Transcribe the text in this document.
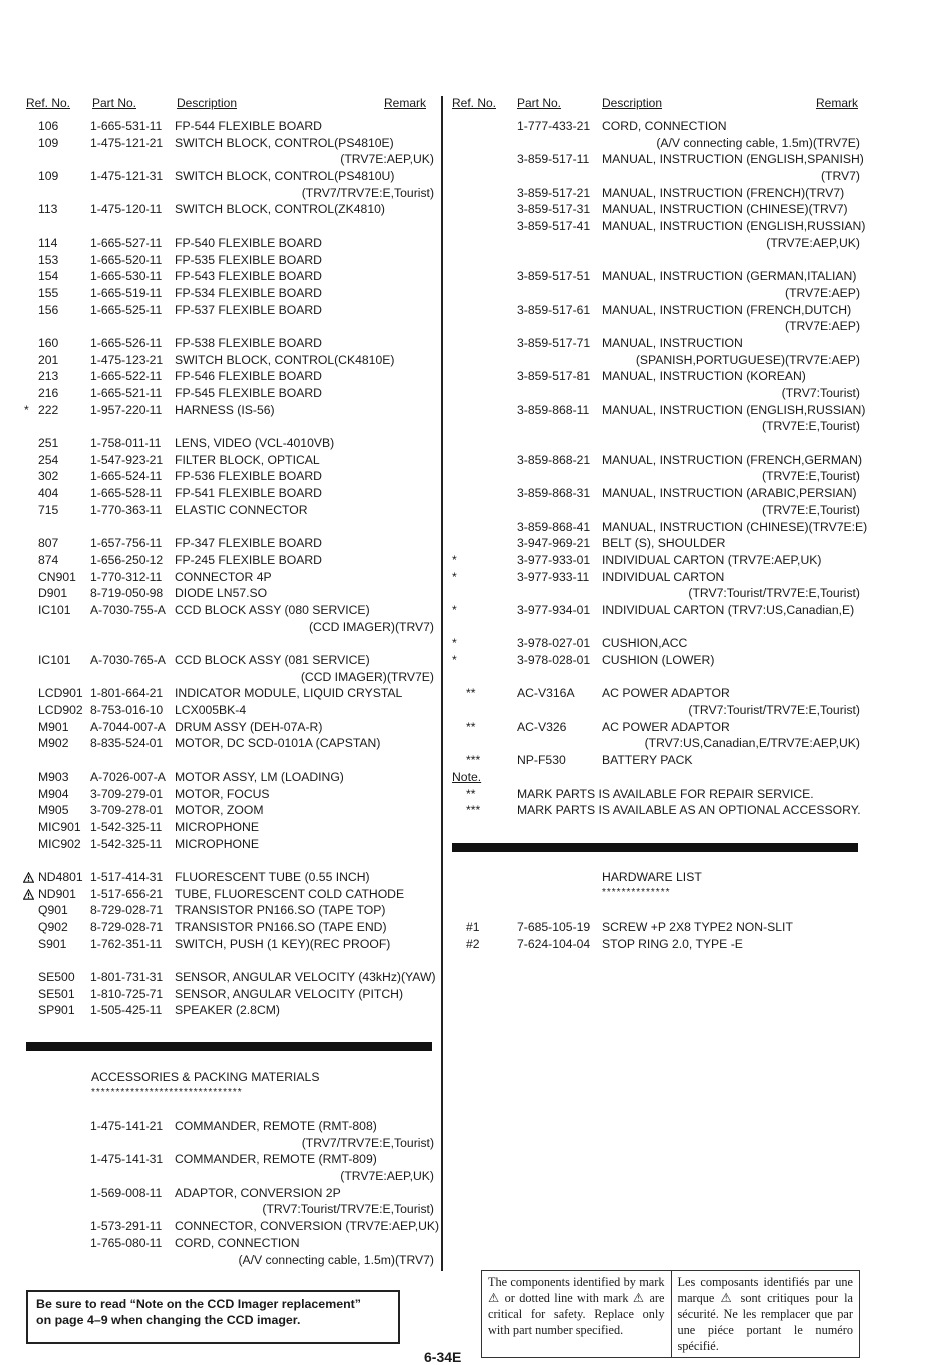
Ref. No. Part No.	Description	Remark
106	1-665-531-11 FP-544 FLEXIBLE BOARD
109	1-475-121-21 SWITCH BLOCK, CONTROL(PS4810E)
(TRV7E:AEP,UK)
109	1-475-121-31 SWITCH BLOCK, CONTROL(PS4810U)
(TRV7/TRV7E:E,Tourist)
113	1-475-120-11 SWITCH BLOCK, CONTROL(ZK4810)
114	1-665-527-11 FP-540 FLEXIBLE BOARD
153	1-665-520-11 FP-535 FLEXIBLE BOARD
154	1-665-530-11 FP-543 FLEXIBLE BOARD
155	1-665-519-11 FP-534 FLEXIBLE BOARD
156	1-665-525-11 FP-537 FLEXIBLE BOARD
160	1-665-526-11 FP-538 FLEXIBLE BOARD
201	1-475-123-21 SWITCH BLOCK, CONTROL(CK4810E)
213	1-665-522-11 FP-546 FLEXIBLE BOARD
216	1-665-521-11 FP-545 FLEXIBLE BOARD
* 222	1-957-220-11 HARNESS (IS-56)
251	1-758-011-11 LENS, VIDEO (VCL-4010VB)
254	1-547-923-21 FILTER BLOCK, OPTICAL
302	1-665-524-11 FP-536 FLEXIBLE BOARD
404	1-665-528-11 FP-541 FLEXIBLE BOARD
715	1-770-363-11 ELASTIC CONNECTOR
807	1-657-756-11 FP-347 FLEXIBLE BOARD
874	1-656-250-12 FP-245 FLEXIBLE BOARD
CN901 1-770-312-11 CONNECTOR 4P
D901 8-719-050-98 DIODE LN57.SO
IC101 A-7030-755-A CCD BLOCK ASSY (080 SERVICE)
(CCD IMAGER)(TRV7)
IC101 A-7030-765-A CCD BLOCK ASSY (081 SERVICE)
(CCD IMAGER)(TRV7E)
LCD901 1-801-664-21 INDICATOR MODULE, LIQUID CRYSTAL
LCD902 8-753-016-10 LCX005BK-4
M901 A-7044-007-A DRUM ASSY (DEH-07A-R)
M902 8-835-524-01 MOTOR, DC SCD-0101A (CAPSTAN)
M903 A-7026-007-A MOTOR ASSY, LM (LOADING)
M904 3-709-279-01 MOTOR, FOCUS
M905 3-709-278-01 MOTOR, ZOOM
MIC901 1-542-325-11 MICROPHONE
MIC902 1-542-325-11 MICROPHONE
ND4801 1-517-414-31 FLUORESCENT TUBE (0.55 INCH)
ND901 1-517-656-21 TUBE, FLUORESCENT COLD CATHODE
Q901 8-729-028-71 TRANSISTOR PN166.SO (TAPE TOP)
Q902 8-729-028-71 TRANSISTOR PN166.SO (TAPE END)
S901 1-762-351-11 SWITCH, PUSH (1 KEY)(REC PROOF)
SE500 1-801-731-31 SENSOR, ANGULAR VELOCITY (43kHz)(YAW)
SE501 1-810-725-71 SENSOR, ANGULAR VELOCITY (PITCH)
SP901 1-505-425-11 SPEAKER (2.8CM)
ACCESSORIES & PACKING MATERIALS
*******************************
1-475-141-21 COMMANDER, REMOTE (RMT-808)
(TRV7/TRV7E:E,Tourist)
1-475-141-31 COMMANDER, REMOTE (RMT-809)
(TRV7E:AEP,UK)
1-569-008-11 ADAPTOR, CONVERSION 2P
(TRV7:Tourist/TRV7E:E,Tourist)
1-573-291-11 CONNECTOR, CONVERSION (TRV7E:AEP,UK)
1-765-080-11 CORD, CONNECTION
(A/V connecting cable, 1.5m)(TRV7)
Ref. No. Part No.	Description	Remark
1-777-433-21 CORD, CONNECTION
(A/V connecting cable, 1.5m)(TRV7E)
3-859-517-11 MANUAL, INSTRUCTION (ENGLISH,SPANISH)
(TRV7)
3-859-517-21 MANUAL, INSTRUCTION (FRENCH)(TRV7)
3-859-517-31 MANUAL, INSTRUCTION (CHINESE)(TRV7)
3-859-517-41 MANUAL, INSTRUCTION (ENGLISH,RUSSIAN)
(TRV7E:AEP,UK)
3-859-517-51 MANUAL, INSTRUCTION (GERMAN,ITALIAN)
(TRV7E:AEP)
3-859-517-61 MANUAL, INSTRUCTION (FRENCH,DUTCH)
(TRV7E:AEP)
3-859-517-71 MANUAL, INSTRUCTION
(SPANISH,PORTUGUESE)(TRV7E:AEP)
3-859-517-81 MANUAL, INSTRUCTION (KOREAN)
(TRV7:Tourist)
3-859-868-11 MANUAL, INSTRUCTION (ENGLISH,RUSSIAN)
(TRV7E:E,Tourist)
3-859-868-21 MANUAL, INSTRUCTION (FRENCH,GERMAN)
(TRV7E:E,Tourist)
3-859-868-31 MANUAL, INSTRUCTION (ARABIC,PERSIAN)
(TRV7E:E,Tourist)
3-859-868-41 MANUAL, INSTRUCTION (CHINESE)(TRV7E:E)
3-947-969-21 BELT (S), SHOULDER
*	3-977-933-01 INDIVIDUAL CARTON (TRV7E:AEP,UK)
*	3-977-933-11 INDIVIDUAL CARTON
(TRV7:Tourist/TRV7E:E,Tourist)
*	3-977-934-01 INDIVIDUAL CARTON (TRV7:US,Canadian,E)
*	3-978-027-01 CUSHION,ACC
*	3-978-028-01 CUSHION (LOWER)
**	AC-V316A AC POWER ADAPTOR
(TRV7:Tourist/TRV7E:E,Tourist)
**	AC-V326	AC POWER ADAPTOR
(TRV7:US,Canadian,E/TRV7E:AEP,UK)
***	NP-F530	BATTERY PACK
Note.
**	MARK PARTS IS AVAILABLE FOR REPAIR SERVICE.
***	MARK PARTS IS AVAILABLE AS AN OPTIONAL ACCESSORY.
HARDWARE LIST
**************
#1	7-685-105-19 SCREW +P 2X8 TYPE2 NON-SLIT
#2	7-624-104-04 STOP RING 2.0, TYPE -E
Be sure to read “Note on the CCD Imager replacement”
on page 4–9 when changing the CCD imager.
The components identified by mark ⚠ or dotted line with mark ⚠ are critical for safety. Replace only with part number specified.
Les composants identifiés par une marque ⚠ sont critiques pour la sécurité. Ne les remplacer que par une piéce portant le numéro spécifié.
6-34E
